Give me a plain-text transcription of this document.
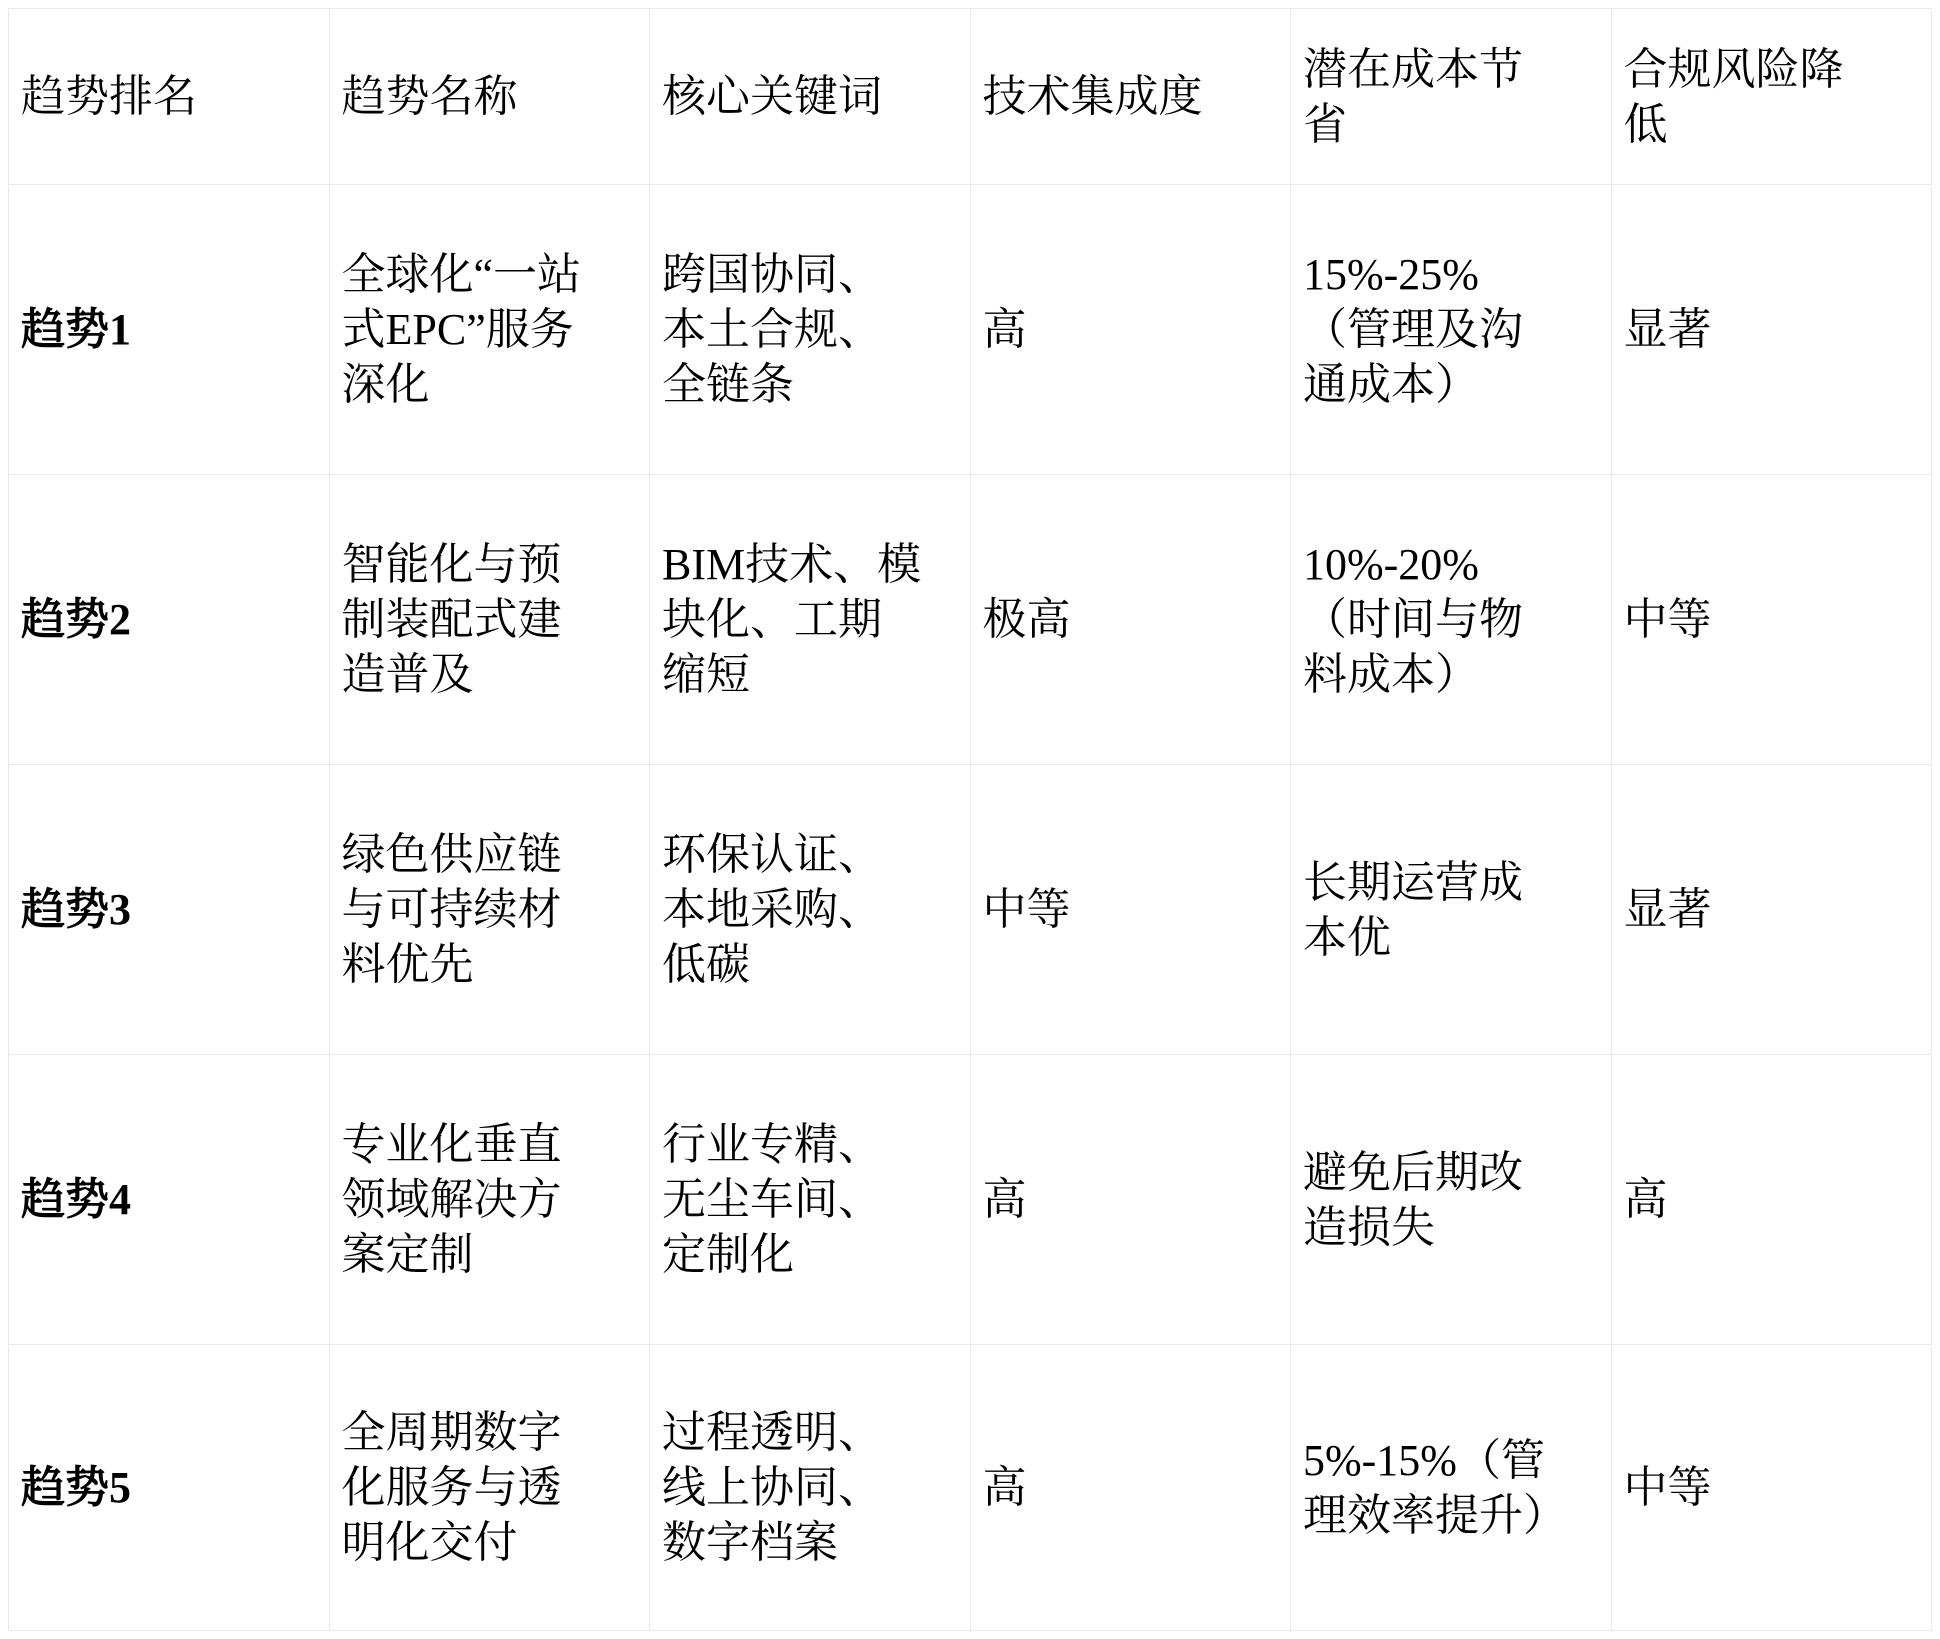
趋势排名	趋势名称	核心关键词	技术集成度	潜在成本节省	合规风险降低
趋势1	全球化“一站式EPC”服务深化	跨国协同、本土合规、全链条	高	15%-25% （管理及沟通成本）	显著
趋势2	智能化与预制装配式建造普及	BIM技术、模块化、工期缩短	极高	10%-20% （时间与物料成本）	中等
趋势3	绿色供应链与可持续材料优先	环保认证、本地采购、低碳	中等	长期运营成本优	显著
趋势4	专业化垂直领域解决方案定制	行业专精、无尘车间、定制化	高	避免后期改造损失	高
趋势5	全周期数字化服务与透明化交付	过程透明、线上协同、数字档案	高	5%-15%（管理效率提升）	中等
